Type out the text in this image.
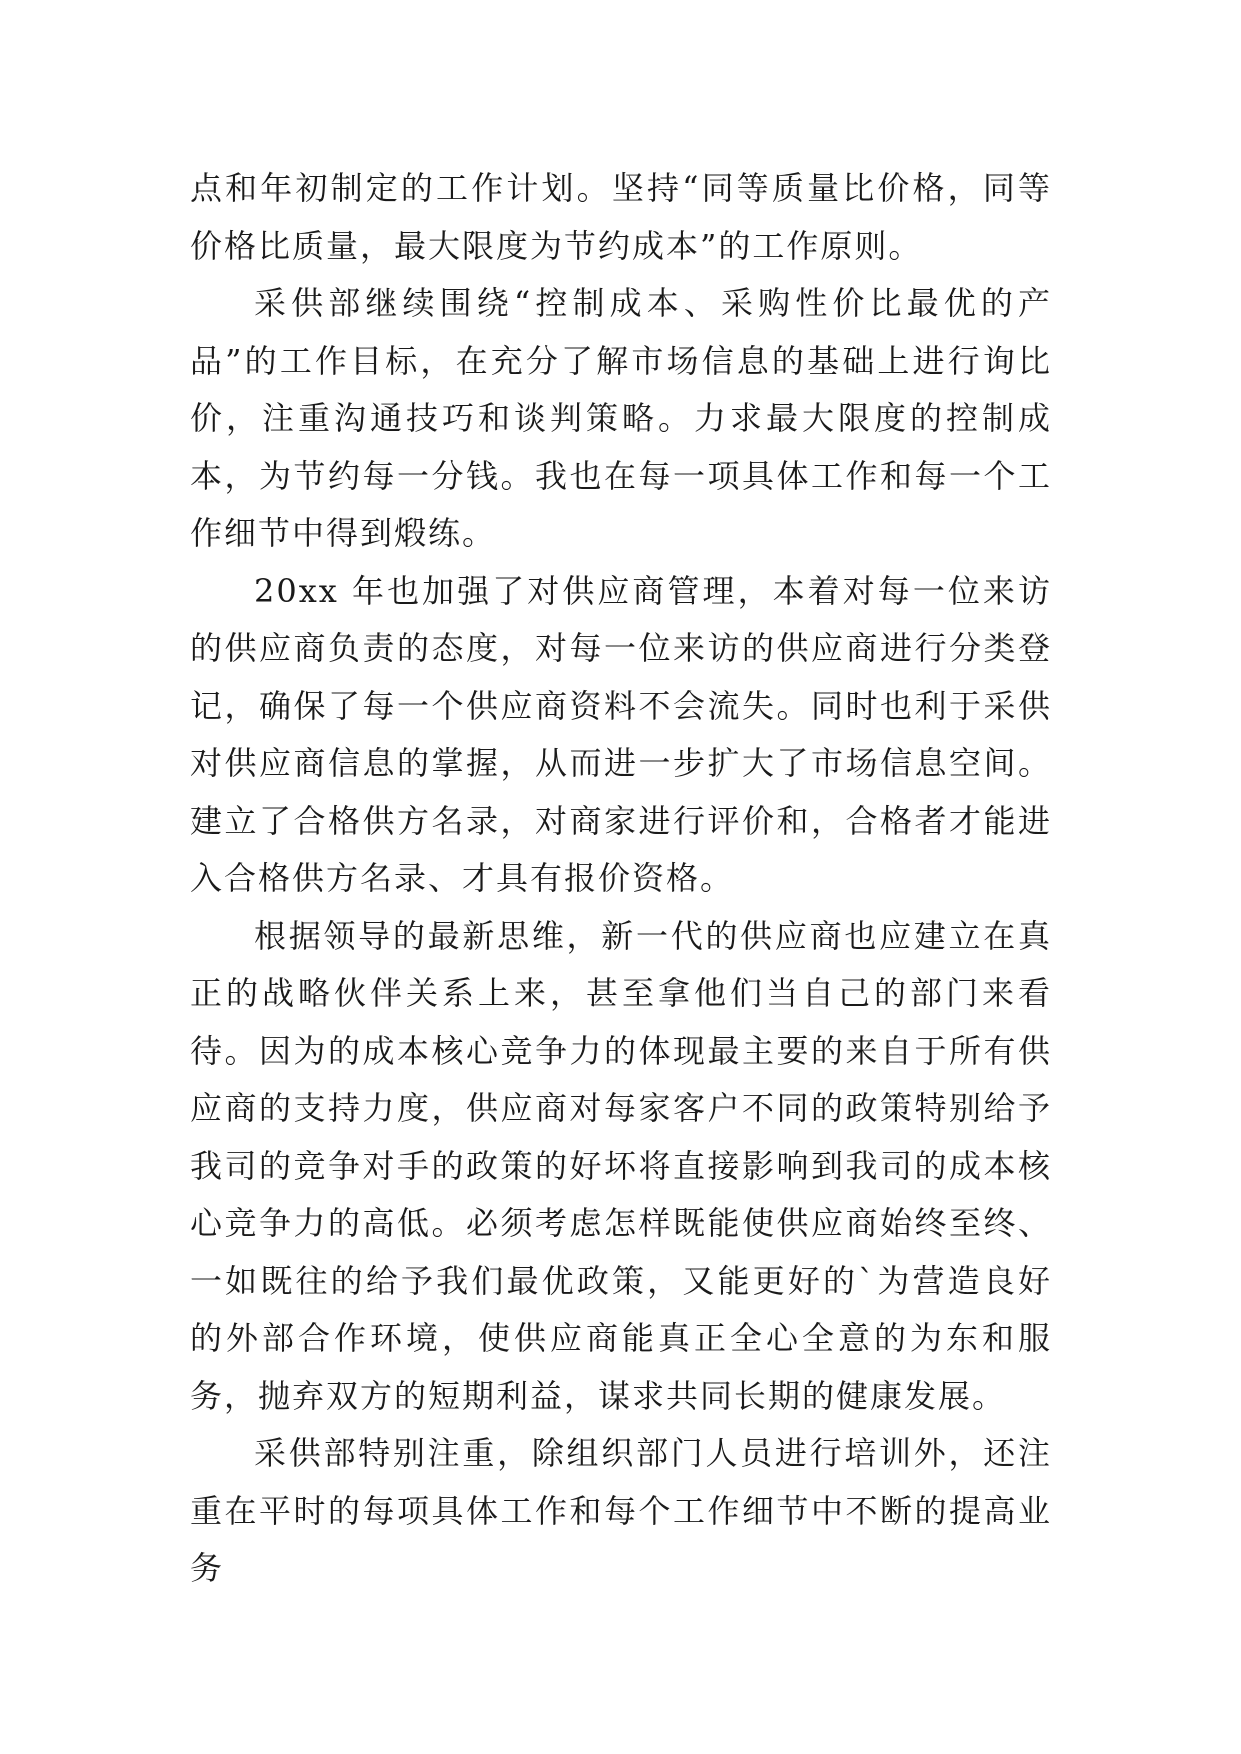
点和年初制定的工作计划。坚持“同等质量比价格，同等价格比质量，最大限度为节约成本”的工作原则。

采供部继续围绕“控制成本、采购性价比最优的产品”的工作目标，在充分了解市场信息的基础上进行询比价，注重沟通技巧和谈判策略。力求最大限度的控制成本，为节约每一分钱。我也在每一项具体工作和每一个工作细节中得到煅练。

20xx 年也加强了对供应商管理，本着对每一位来访的供应商负责的态度，对每一位来访的供应商进行分类登记，确保了每一个供应商资料不会流失。同时也利于采供对供应商信息的掌握，从而进一步扩大了市场信息空间。建立了合格供方名录，对商家进行评价和，合格者才能进入合格供方名录、才具有报价资格。

根据领导的最新思维，新一代的供应商也应建立在真正的战略伙伴关系上来，甚至拿他们当自己的部门来看待。因为的成本核心竞争力的体现最主要的来自于所有供应商的支持力度，供应商对每家客户不同的政策特别给予我司的竞争对手的政策的好坏将直接影响到我司的成本核心竞争力的高低。必须考虑怎样既能使供应商始终至终、一如既往的给予我们最优政策，又能更好的`为营造良好的外部合作环境，使供应商能真正全心全意的为东和服务，抛弃双方的短期利益，谋求共同长期的健康发展。

采供部特别注重，除组织部门人员进行培训外，还注重在平时的每项具体工作和每个工作细节中不断的提高业务
